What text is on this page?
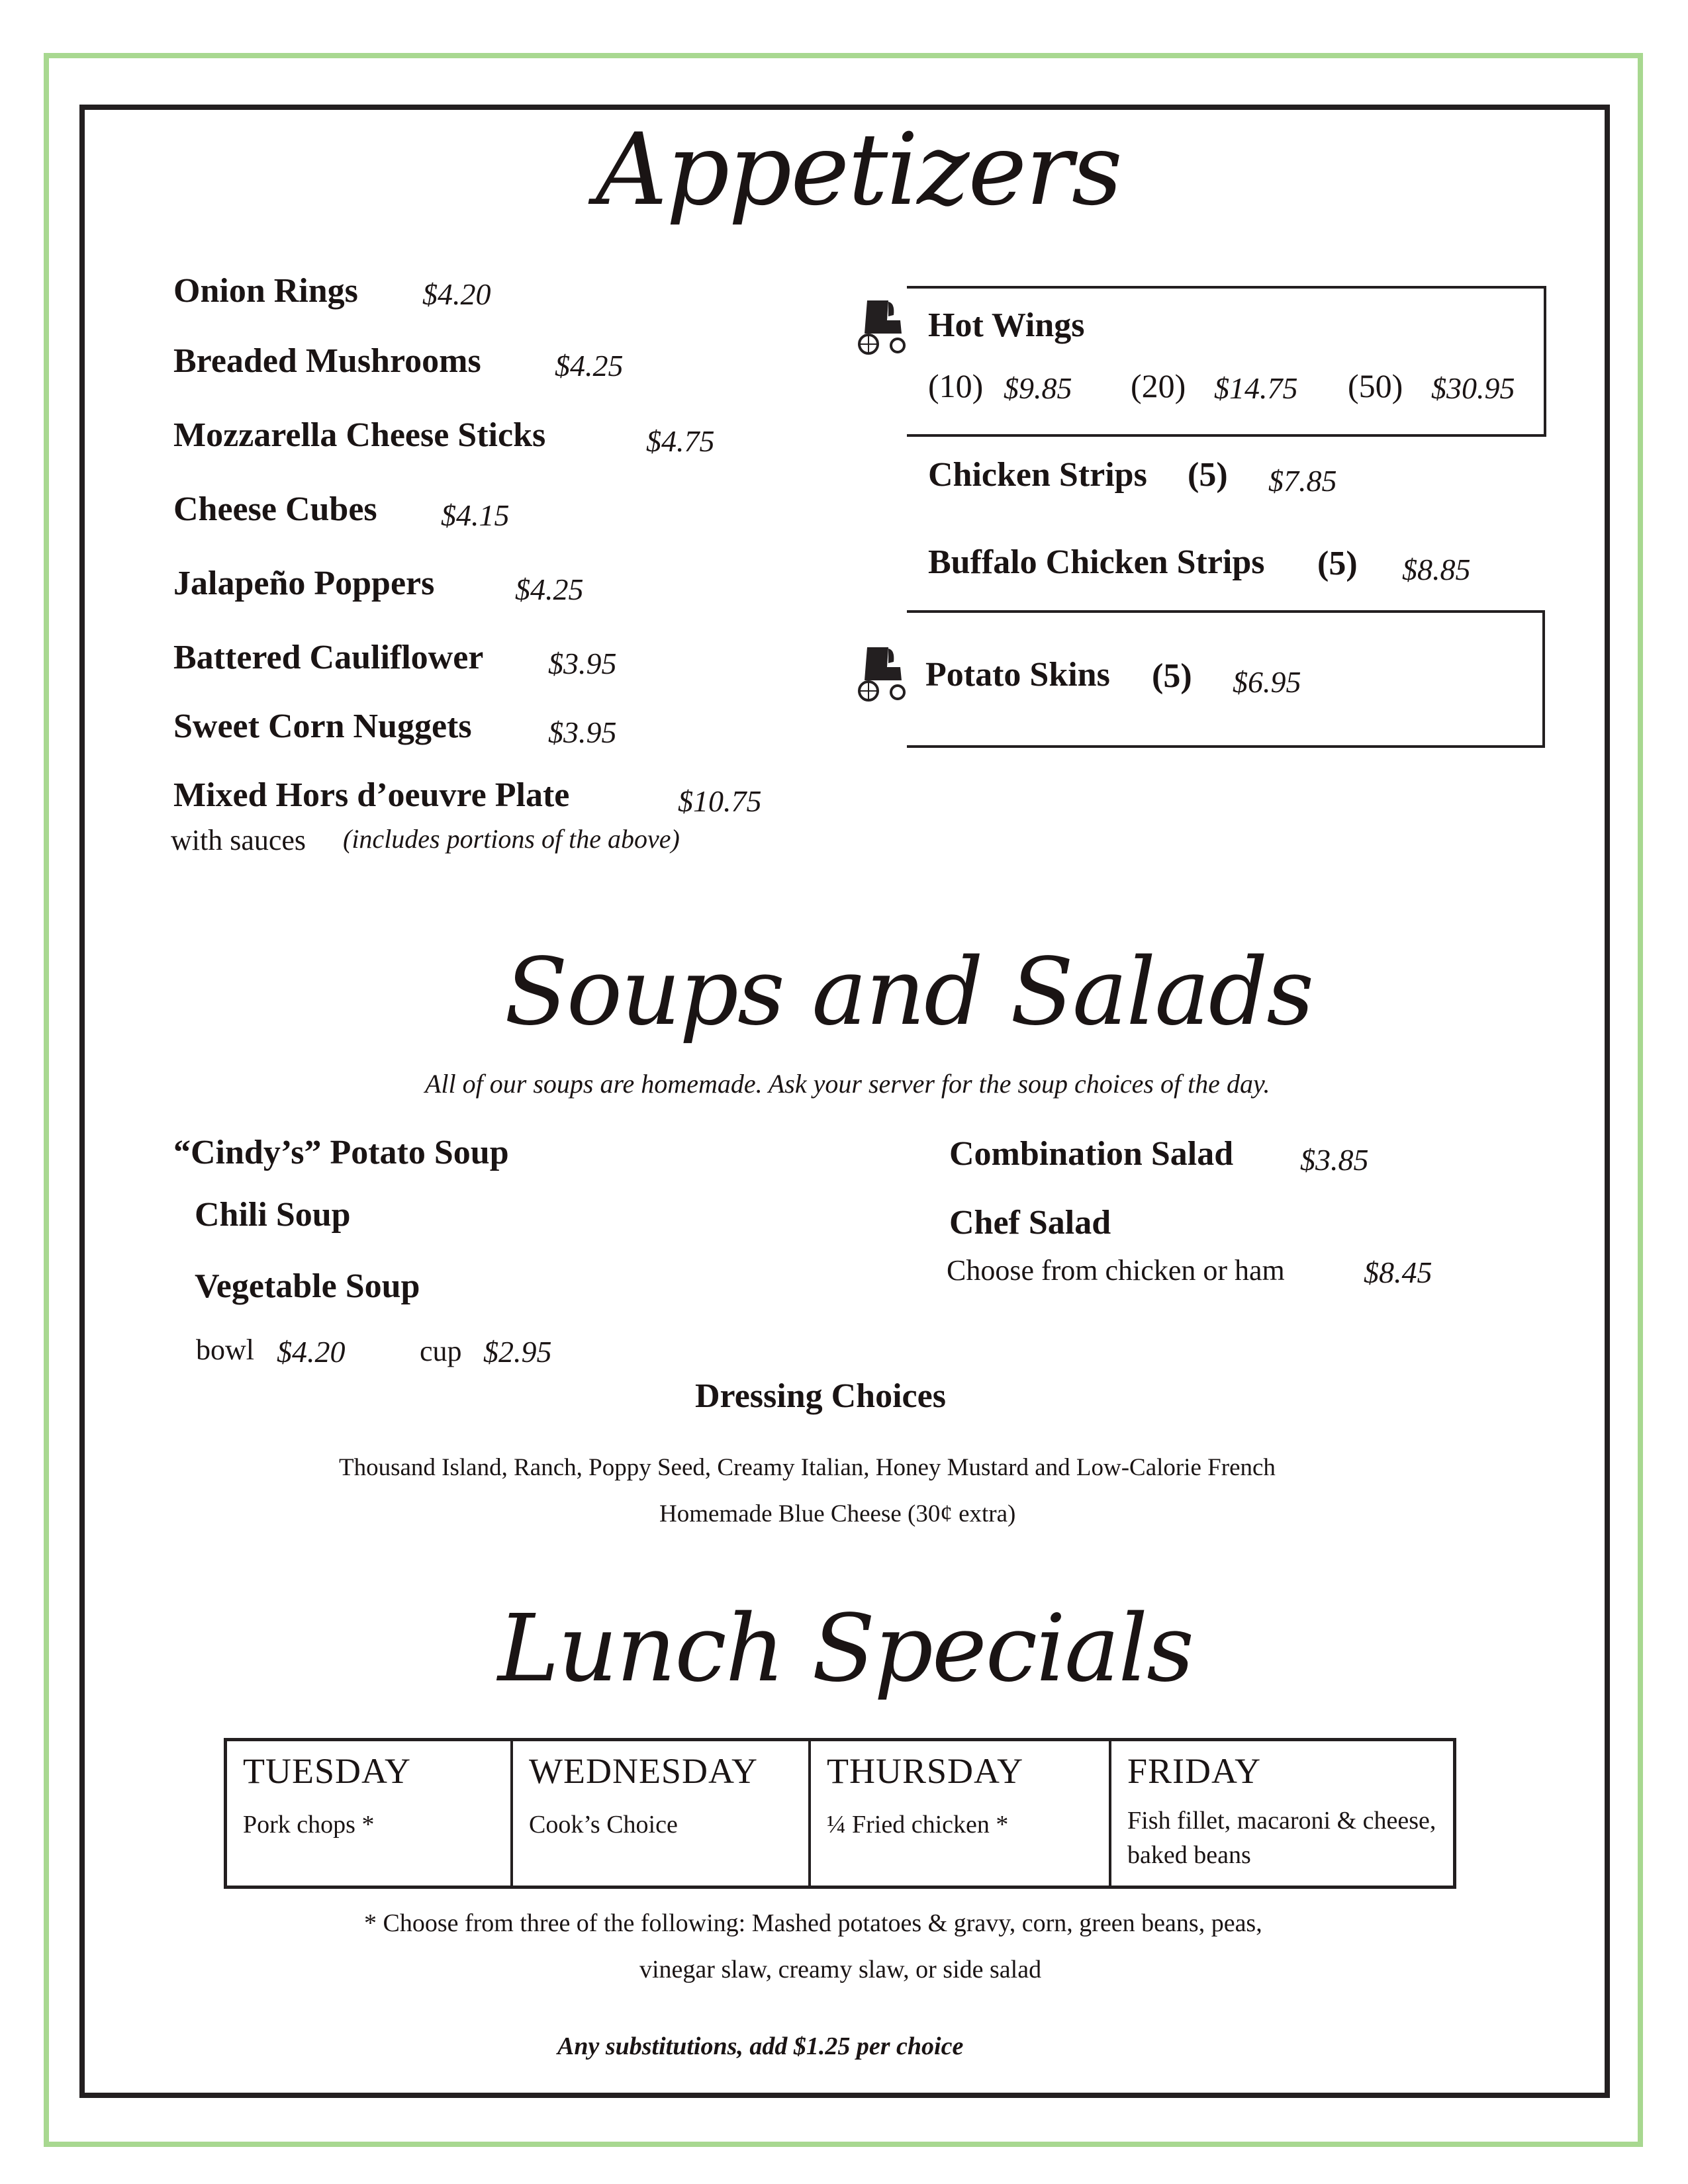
Appetizers
Onion Rings $4.20
Breaded Mushrooms $4.25
Mozzarella Cheese Sticks	$4.75
Cheese Cubes $4.15
Jalapeño Poppers	$4.25
Battered Cauliflower $3.95
Sweet Corn Nuggets	$3.95
Mixed Hors d’oeuvre Plate	$10.75
with sauces (includes portions of the above)
Hot Wings
(10) $9.85 (20) $14.75 (50) $30.95
Chicken Strips (5) $7.85
Buffalo Chicken Strips (5) $8.85
Potato Skins (5) $6.95
Soups and Salads
All of our soups are homemade. Ask your server for the soup choices of the day.
“Cindy’s” Potato Soup
Chili Soup
Vegetable Soup
bowl $4.20	cup $2.95
Combination Salad $3.85
Chef Salad
Choose from chicken or ham	$8.45
Dressing Choices
Thousand Island, Ranch, Poppy Seed, Creamy Italian, Honey Mustard and Low-Calorie French
Homemade Blue Cheese (30¢ extra)
Lunch Specials
TUESDAY
Pork chops *
WEDNESDAY
Cook’s Choice
THURSDAY
¼ Fried chicken *
FRIDAY
Fish fillet, macaroni & cheese, baked beans
* Choose from three of the following: Mashed potatoes & gravy, corn, green beans, peas,
vinegar slaw, creamy slaw, or side salad
Any substitutions, add $1.25 per choice
